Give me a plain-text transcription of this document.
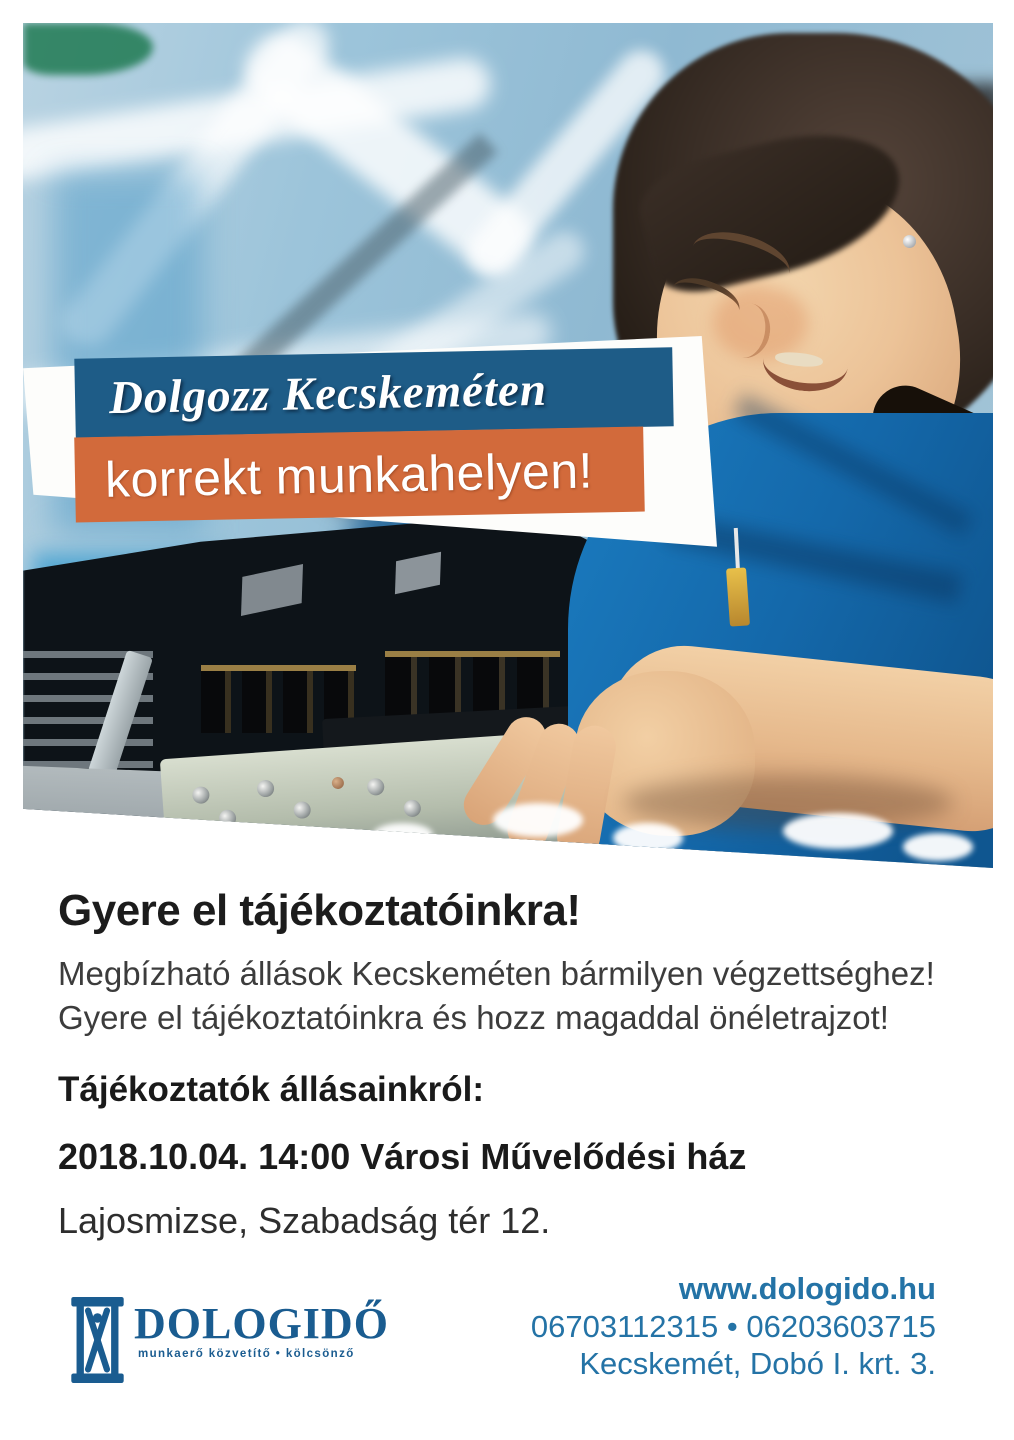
Dolgozz Kecskeméten
korrekt munkahelyen!
Gyere el tájékoztatóinkra!
Megbízható állások Kecskeméten bármilyen végzettséghez!
Gyere el tájékoztatóinkra és hozz magaddal önéletrajzot!
Tájékoztatók állásainkról:
2018.10.04. 14:00 Városi Művelődési ház
Lajosmizse, Szabadság tér 12.
DOLOGIDŐ
munkaerő közvetítő • kölcsönző
www.dologido.hu
06703112315 • 06203603715
Kecskemét, Dobó I. krt. 3.
